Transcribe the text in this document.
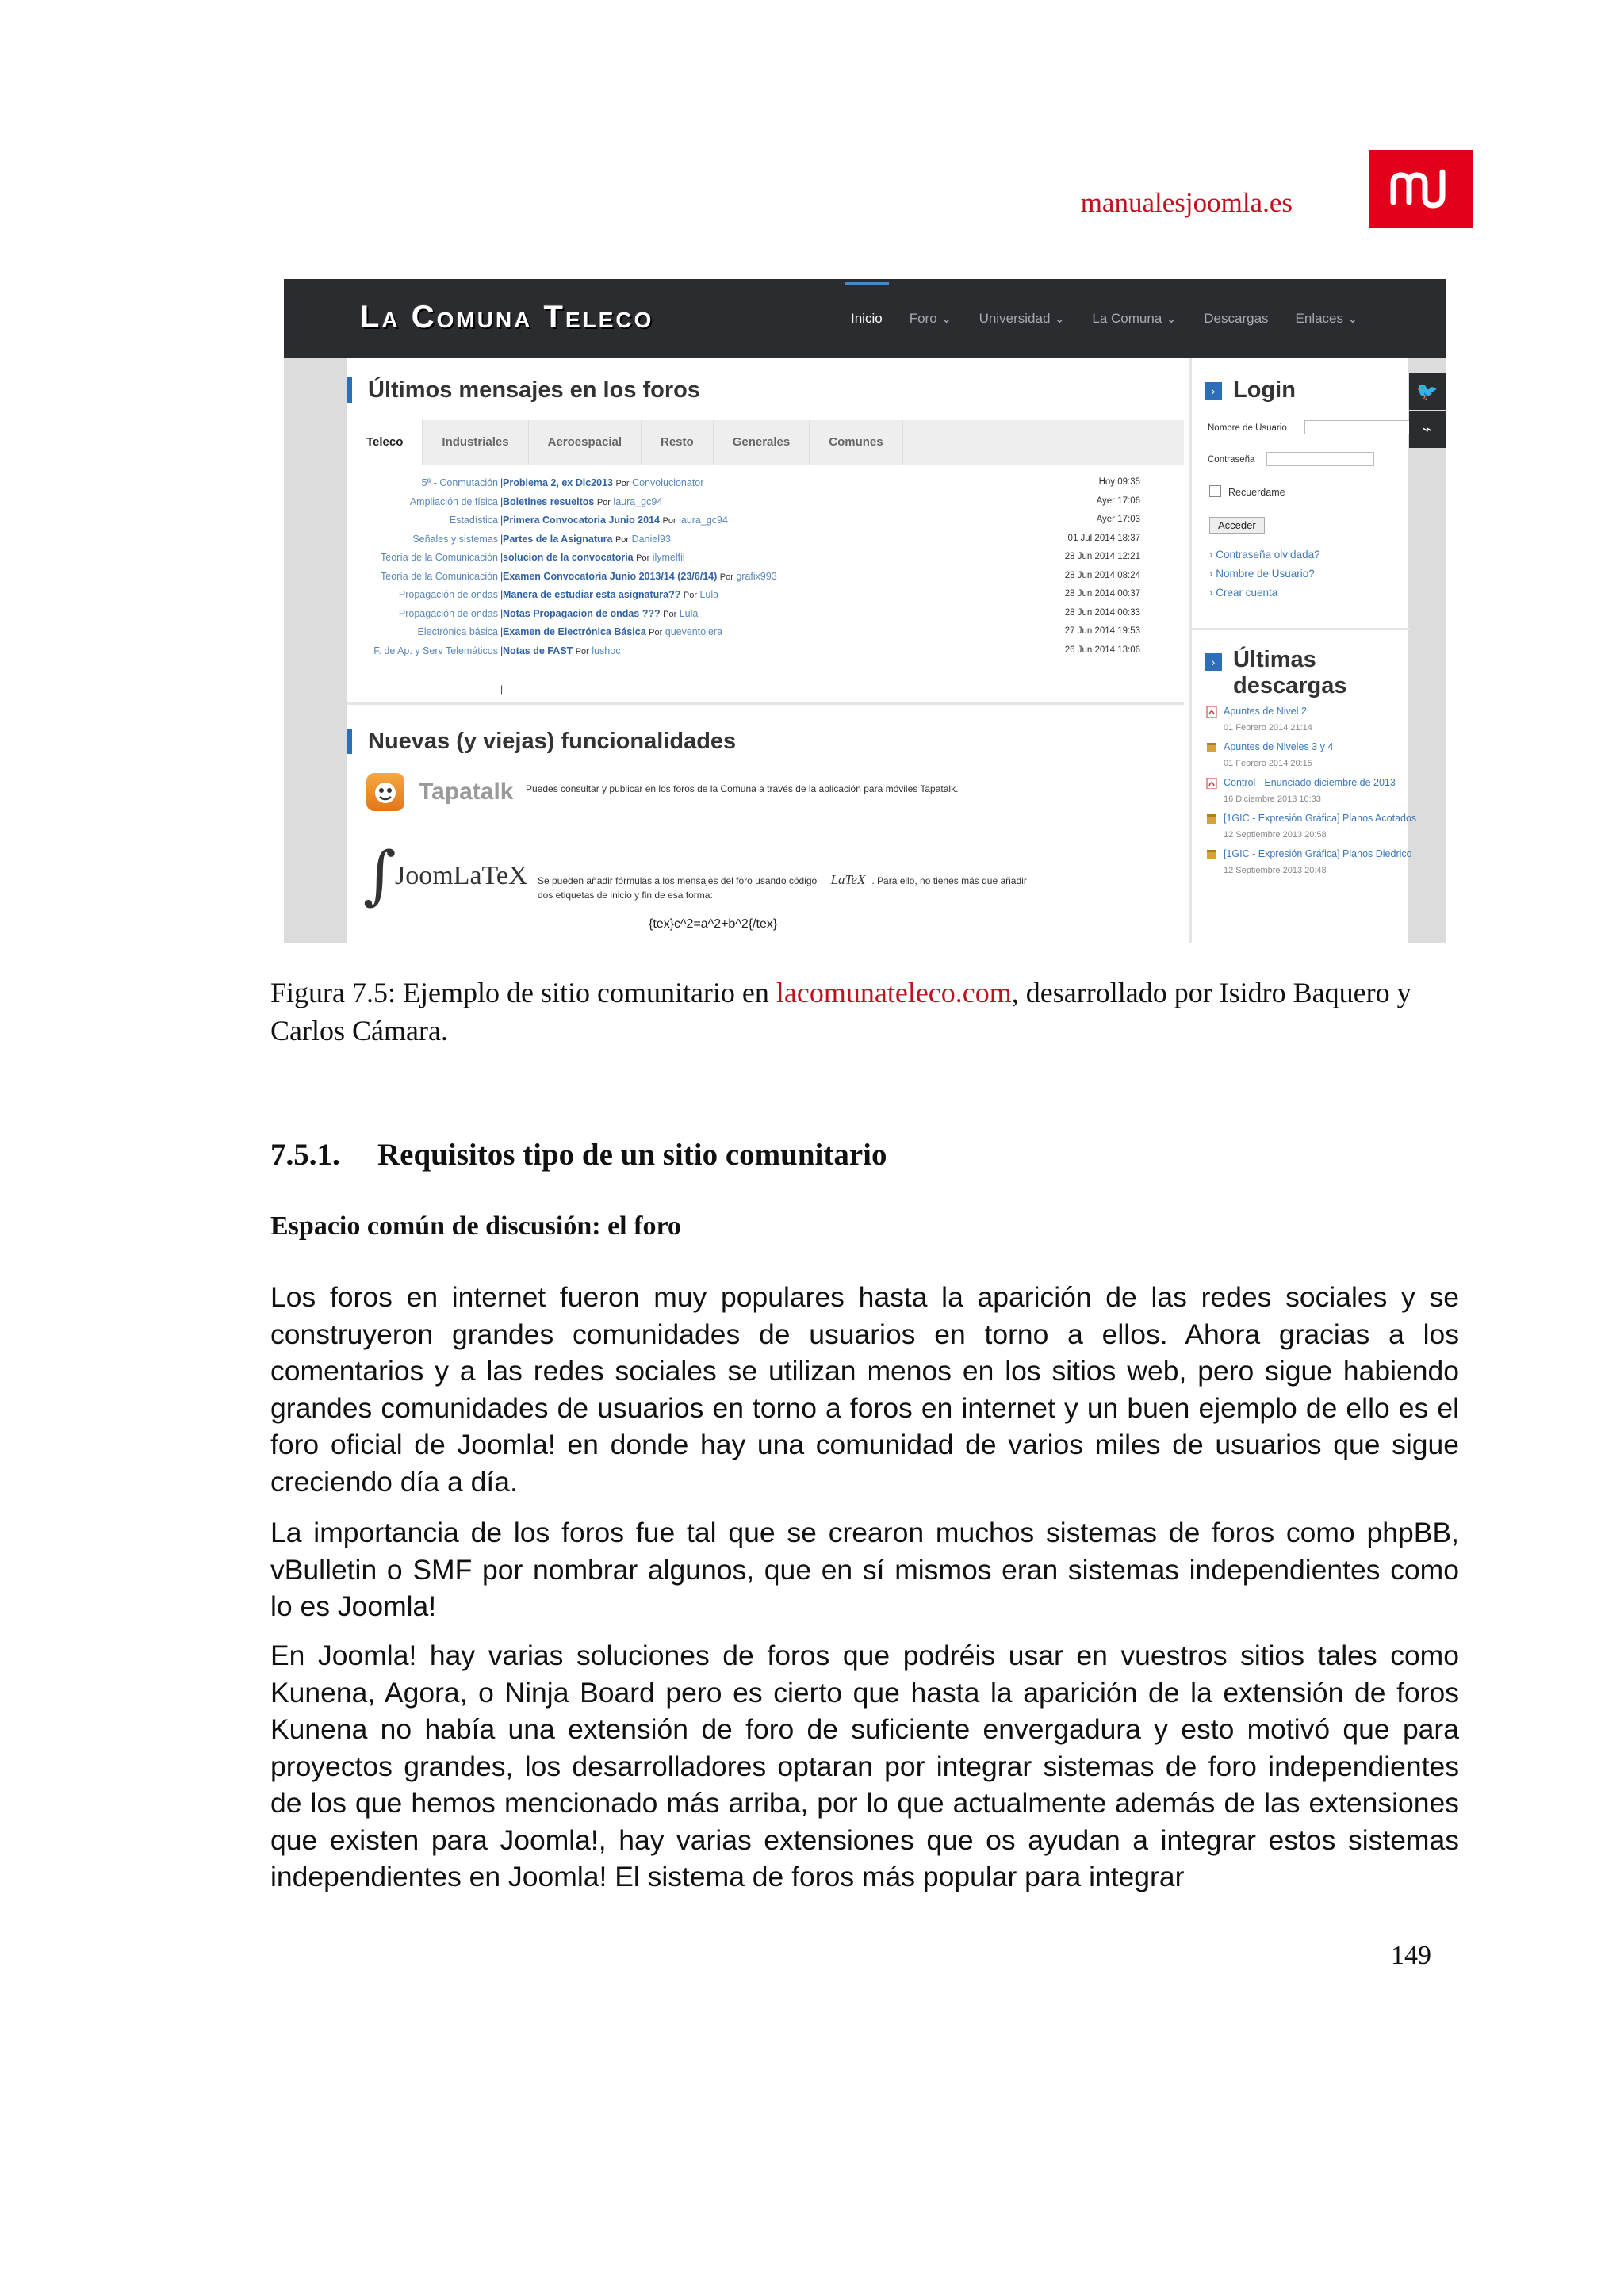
manualesjoomla.es
La Comuna Teleco	Inicio Foro ⌄ Universidad ⌄ La Comuna ⌄ Descargas Enlaces ⌄
Últimos mensajes en los foros
Teleco	Industriales	Aeroespacial	Resto	Generales	Comunes
5ª - Conmutación | Problema 2, ex Dic2013 Por Convolucionator	Hoy 09:35
Ampliación de física | Boletines resueltos Por laura_gc94	Ayer 17:06
Estadística | Primera Convocatoria Junio 2014 Por laura_gc94	Ayer 17:03
Señales y sistemas | Partes de la Asignatura Por Daniel93	01 Jul 2014 18:37
Teoría de la Comunicación | solucion de la convocatoria Por ilymelfil	28 Jun 2014 12:21
Teoría de la Comunicación | Examen Convocatoria Junio 2013/14 (23/6/14) Por grafix993	28 Jun 2014 08:24
Propagación de ondas | Manera de estudiar esta asignatura?? Por Lula	28 Jun 2014 00:37
Propagación de ondas | Notas Propagacion de ondas ??? Por Lula	28 Jun 2014 00:33
Electrónica básica | Examen de Electrónica Básica Por queventolera	27 Jun 2014 19:53
F. de Ap. y Serv Telemáticos | Notas de FAST Por lushoc	26 Jun 2014 13:06
|
Nuevas (y viejas) funcionalidades
Tapatalk Puedes consultar y publicar en los foros de la Comuna a través de la aplicación para móviles Tapatalk.
∫
JoomLaTeX Se pueden añadir fórmulas a los mensajes del foro usando código LaTeX . Para ello, no tienes más que añadir
dos etiquetas de inicio y fin de esa forma:
{tex}c^2=a^2+b^2{/tex}
› Login
Nombre de Usuario
Contraseña
Recuerdame
Acceder
› Contraseña olvidada?
› Nombre de Usuario?
› Crear cuenta
› Últimas
descargas
Apuntes de Nivel 2
01 Febrero 2014 21:14
Apuntes de Niveles 3 y 4
01 Febrero 2014 20:15
Control - Enunciado diciembre de 2013
16 Diciembre 2013 10:33
[1GIC - Expresión Gráfica] Planos Acotados
12 Septiembre 2013 20:58
[1GIC - Expresión Gráfica] Planos Diedrico
12 Septiembre 2013 20:48
🐦
⌁
Figura 7.5: Ejemplo de sitio comunitario en lacomunateleco.com, desarrollado por Isidro Baquero y Carlos Cámara.
7.5.1. Requisitos tipo de un sitio comunitario
Espacio común de discusión: el foro

Los foros en internet fueron muy populares hasta la aparición de las redes sociales y se construyeron grandes comunidades de usuarios en torno a ellos. Ahora gracias a los comentarios y a las redes sociales se utilizan menos en los sitios web, pero sigue habiendo grandes comunidades de usuarios en torno a foros en internet y un buen ejemplo de ello es el foro oficial de Joomla! en donde hay una comunidad de varios miles de usuarios que sigue creciendo día a día.

La importancia de los foros fue tal que se crearon muchos sistemas de foros como phpBB, vBulletin o SMF por nombrar algunos, que en sí mismos eran sistemas independientes como lo es Joomla!

En Joomla! hay varias soluciones de foros que podréis usar en vuestros sitios tales como Kunena, Agora, o Ninja Board pero es cierto que hasta la aparición de la extensión de foros Kunena no había una extensión de foro de suficiente envergadura y esto motivó que para proyectos grandes, los desarrolladores optaran por integrar sistemas de foro independientes de los que hemos mencionado más arriba, por lo que actualmente además de las extensiones que existen para Joomla!, hay varias extensiones que os ayudan a integrar estos sistemas independientes en Joomla! El sistema de foros más popular para integrar

149
